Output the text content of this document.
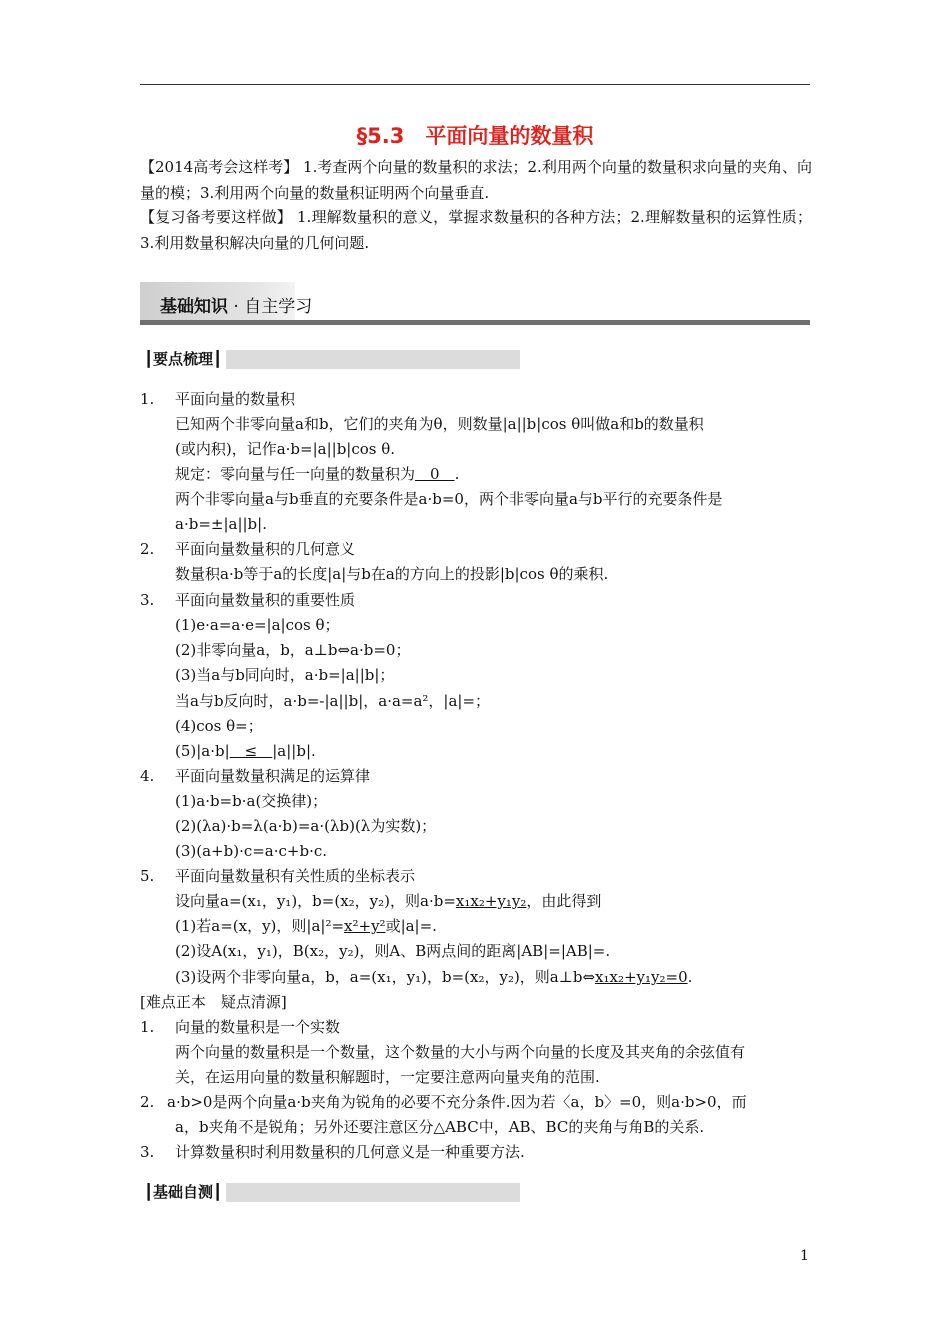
§5.3　平面向量的数量积
【2014高考会这样考】 1.考查两个向量的数量积的求法；2.利用两个向量的数量积求向量的夹角、向量的模；3.利用两个向量的数量积证明两个向量垂直.
【复习备考要这样做】 1.理解数量积的意义，掌握求数量积的各种方法；2.理解数量积的运算性质；3.利用数量积解决向量的几何问题.
基础知识 · 自主学习
┃要点梳理┃
1. 平面向量的数量积
已知两个非零向量a和b，它们的夹角为θ，则数量|a||b|cos θ叫做a和b的数量积
(或内积)，记作a·b=|a||b|cos θ.
规定：零向量与任一向量的数量积为　0　.
两个非零向量a与b垂直的充要条件是a·b=0，两个非零向量a与b平行的充要条件是
a·b=±|a||b|.
2. 平面向量数量积的几何意义
数量积a·b等于a的长度|a|与b在a的方向上的投影|b|cos θ的乘积.
3. 平面向量数量积的重要性质
(1)e·a=a·e=|a|cos θ；
(2)非零向量a，b，a⊥b⇔a·b=0；
(3)当a与b同向时，a·b=|a||b|；
当a与b反向时，a·b=-|a||b|，a·a=a²，|a|=；
(4)cos θ=；
(5)|a·b|　≤　|a||b|.
4. 平面向量数量积满足的运算律
(1)a·b=b·a(交换律)；
(2)(λa)·b=λ(a·b)=a·(λb)(λ为实数)；
(3)(a+b)·c=a·c+b·c.
5. 平面向量数量积有关性质的坐标表示
设向量a=(x₁，y₁)，b=(x₂，y₂)，则a·b=x₁x₂+y₁y₂，由此得到
(1)若a=(x，y)，则|a|²=x²+y²或|a|=.
(2)设A(x₁，y₁)，B(x₂，y₂)，则A、B两点间的距离|AB|=|AB|=.
(3)设两个非零向量a，b，a=(x₁，y₁)，b=(x₂，y₂)，则a⊥b⇔x₁x₂+y₁y₂=0.
[难点正本　疑点清源]
1. 向量的数量积是一个实数
两个向量的数量积是一个数量，这个数量的大小与两个向量的长度及其夹角的余弦值有
关，在运用向量的数量积解题时，一定要注意两向量夹角的范围.
2. a·b>0是两个向量a·b夹角为锐角的必要不充分条件.因为若〈a，b〉=0，则a·b>0，而
a，b夹角不是锐角；另外还要注意区分△ABC中，AB、BC的夹角与角B的关系.
3. 计算数量积时利用数量积的几何意义是一种重要方法.
┃基础自测┃
1
